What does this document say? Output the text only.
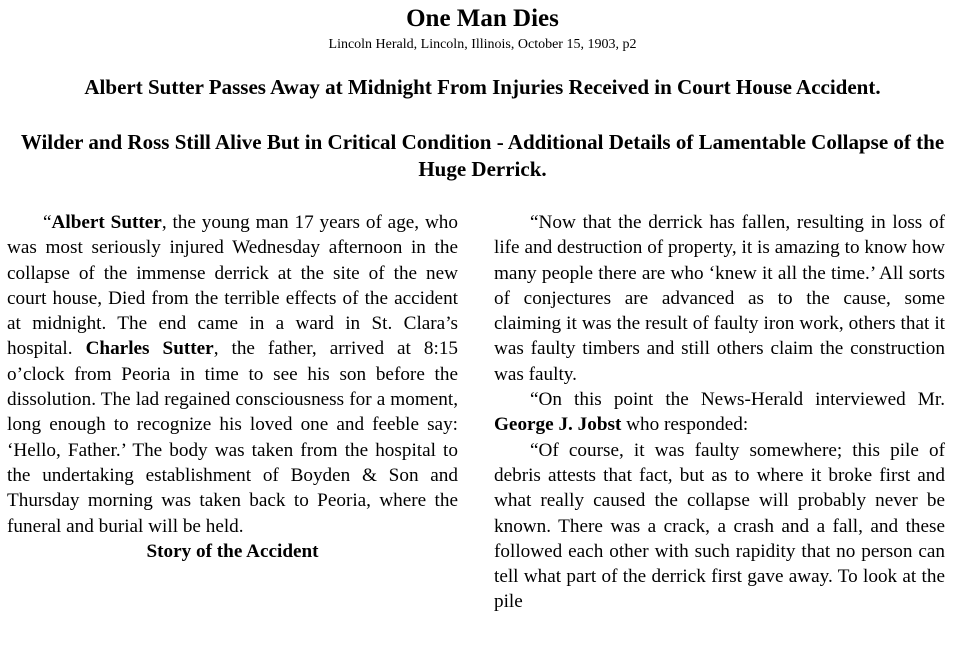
One Man Dies
Lincoln Herald, Lincoln, Illinois, October 15, 1903, p2
Albert Sutter Passes Away at Midnight From Injuries Received in Court House Accident.
Wilder and Ross Still Alive But in Critical Condition - Additional Details of Lamentable Collapse of the Huge Derrick.

“Albert Sutter, the young man 17 years of age, who was most seriously injured Wednesday afternoon in the collapse of the immense derrick at the site of the new court house, Died from the terrible effects of the accident at midnight. The end came in a ward in St. Clara’s hospital. Charles Sutter, the father, arrived at 8:15 o’clock from Peoria in time to see his son before the dissolution. The lad regained consciousness for a moment, long enough to recognize his loved one and feeble say: ‘Hello, Father.’ The body was taken from the hospital to the undertaking establishment of Boyden & Son and Thursday morning was taken back to Peoria, where the funeral and burial will be held.

Story of the Accident

“Now that the derrick has fallen, resulting in loss of life and destruction of property, it is amazing to know how many people there are who ‘knew it all the time.’ All sorts of conjectures are advanced as to the cause, some claiming it was the result of faulty iron work, others that it was faulty timbers and still others claim the construction was faulty.

“On this point the News-Herald interviewed Mr. George J. Jobst who responded:

“Of course, it was faulty somewhere; this pile of debris attests that fact, but as to where it broke first and what really caused the collapse will probably never be known. There was a crack, a crash and a fall, and these followed each other with such rapidity that no person can tell what part of the derrick first gave away. To look at the pile
